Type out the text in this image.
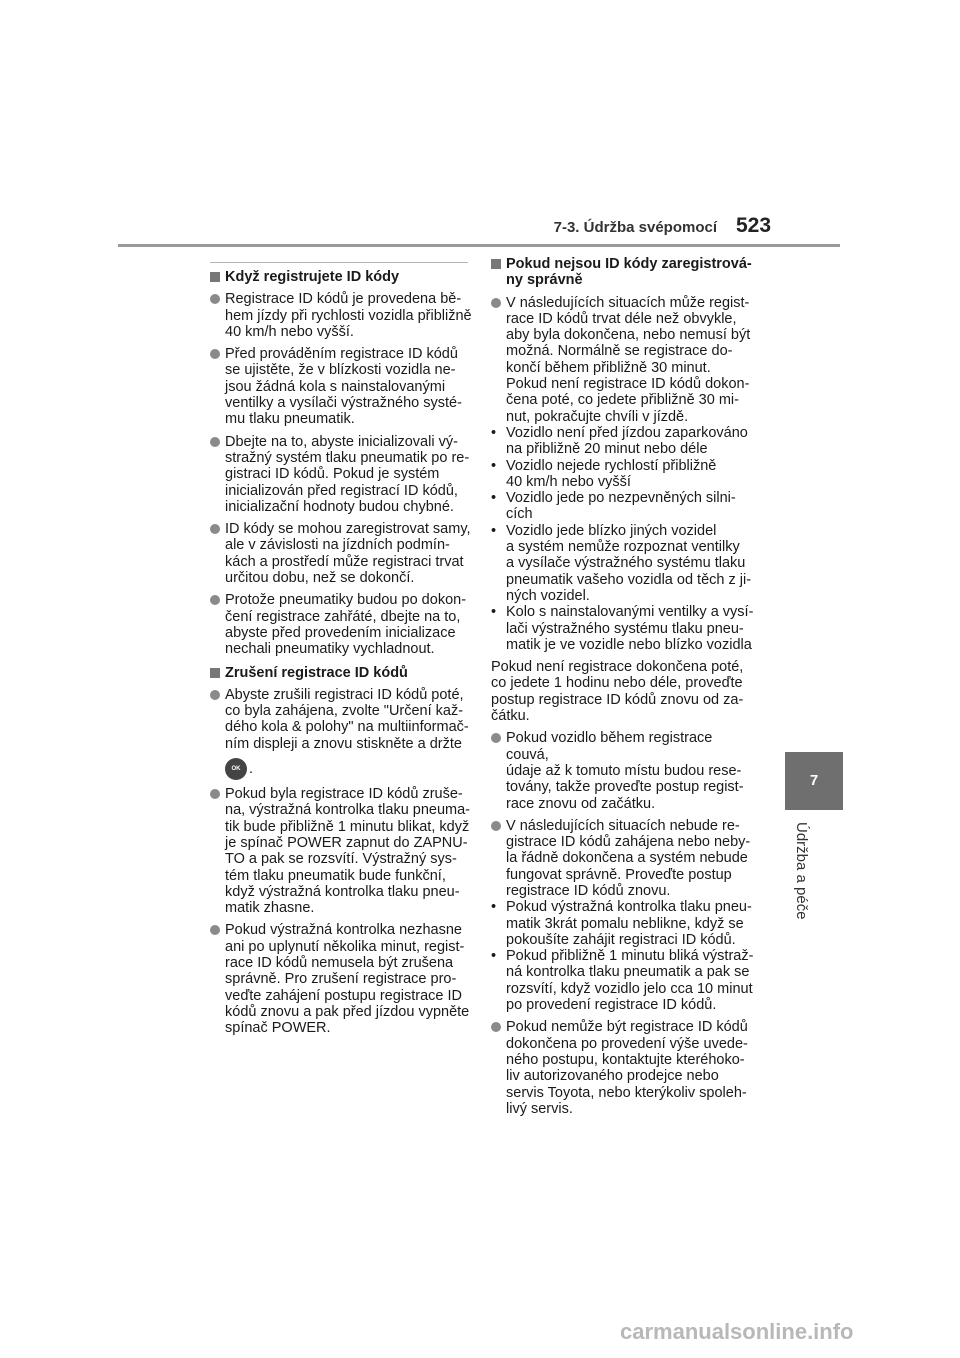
7-3. Údržba svépomocí 523
7
Údržba a péče
Když registrujete ID kódy
Registrace ID kódů je provedena bě-
hem jízdy při rychlosti vozidla přibližně
40 km/h nebo vyšší.
Před prováděním registrace ID kódů
se ujistěte, že v blízkosti vozidla ne-
jsou žádná kola s nainstalovanými
ventilky a vysílači výstražného systé-
mu tlaku pneumatik.
Dbejte na to, abyste inicializovali vý-
stražný systém tlaku pneumatik po re-
gistraci ID kódů. Pokud je systém
inicializován před registrací ID kódů,
inicializační hodnoty budou chybné.
ID kódy se mohou zaregistrovat samy,
ale v závislosti na jízdních podmín-
kách a prostředí může registraci trvat
určitou dobu, než se dokončí.
Protože pneumatiky budou po dokon-
čení registrace zahřáté, dbejte na to,
abyste před provedením inicializace
nechali pneumatiky vychladnout.
Zrušení registrace ID kódů
Abyste zrušili registraci ID kódů poté,
co byla zahájena, zvolte "Určení kaž-
dého kola & polohy" na multiinformač-
ním displeji a znovu stiskněte a držte
OK .
Pokud byla registrace ID kódů zruše-
na, výstražná kontrolka tlaku pneuma-
tik bude přibližně 1 minutu blikat, když
je spínač POWER zapnut do ZAPNU-
TO a pak se rozsvítí. Výstražný sys-
tém tlaku pneumatik bude funkční,
když výstražná kontrolka tlaku pneu-
matik zhasne.
Pokud výstražná kontrolka nezhasne
ani po uplynutí několika minut, regist-
race ID kódů nemusela být zrušena
správně. Pro zrušení registrace pro-
veďte zahájení postupu registrace ID
kódů znovu a pak před jízdou vypněte
spínač POWER.
Pokud nejsou ID kódy zaregistrová-
ny správně
V následujících situacích může regist-
race ID kódů trvat déle než obvykle,
aby byla dokončena, nebo nemusí být
možná. Normálně se registrace do-
končí během přibližně 30 minut.
Pokud není registrace ID kódů dokon-
čena poté, co jedete přibližně 30 mi-
nut, pokračujte chvíli v jízdě.
• Vozidlo není před jízdou zaparkováno
na přibližně 20 minut nebo déle
• Vozidlo nejede rychlostí přibližně
40 km/h nebo vyšší
• Vozidlo jede po nezpevněných silni-
cích
• Vozidlo jede blízko jiných vozidel
a systém nemůže rozpoznat ventilky
a vysílače výstražného systému tlaku
pneumatik vašeho vozidla od těch z ji-
ných vozidel.
• Kolo s nainstalovanými ventilky a vysí-
lači výstražného systému tlaku pneu-
matik je ve vozidle nebo blízko vozidla
Pokud není registrace dokončena poté,
co jedete 1 hodinu nebo déle, proveďte
postup registrace ID kódů znovu od za-
čátku.
Pokud vozidlo během registrace couvá,
údaje až k tomuto místu budou rese-
továny, takže proveďte postup regist-
race znovu od začátku.
V následujících situacích nebude re-
gistrace ID kódů zahájena nebo neby-
la řádně dokončena a systém nebude
fungovat správně. Proveďte postup
registrace ID kódů znovu.
• Pokud výstražná kontrolka tlaku pneu-
matik 3krát pomalu neblikne, když se
pokoušíte zahájit registraci ID kódů.
• Pokud přibližně 1 minutu bliká výstraž-
ná kontrolka tlaku pneumatik a pak se
rozsvítí, když vozidlo jelo cca 10 minut
po provedení registrace ID kódů.
Pokud nemůže být registrace ID kódů
dokončena po provedení výše uvede-
ného postupu, kontaktujte kteréhoko-
liv autorizovaného prodejce nebo
servis Toyota, nebo kterýkoliv spoleh-
livý servis.
carmanualsonline.info
